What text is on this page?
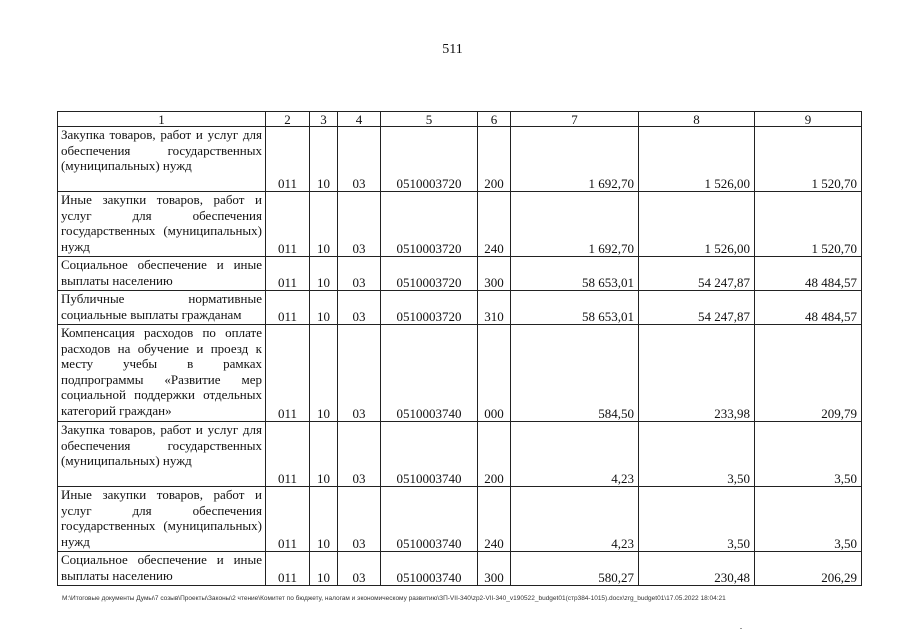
511
1	2	3	4	5	6	7	8	9
Закупка товаров, работ и услуг для обеспечения государственных (муниципальных) нужд	011	10	03	0510003720	200	1 692,70	1 526,00	1 520,70
Иные закупки товаров, работ и услуг для обеспечения государственных (муниципальных) нужд	011	10	03	0510003720	240	1 692,70	1 526,00	1 520,70
Социальное обеспечение и иные выплаты населению	011	10	03	0510003720	300	58 653,01	54 247,87	48 484,57
Публичные нормативные социальные выплаты гражданам	011	10	03	0510003720	310	58 653,01	54 247,87	48 484,57
Компенсация расходов по оплате расходов на обучение и проезд к месту учебы в рамках подпрограммы «Развитие мер социальной поддержки отдельных категорий граждан»	011	10	03	0510003740	000	584,50	233,98	209,79
Закупка товаров, работ и услуг для обеспечения государственных (муниципальных) нужд	011	10	03	0510003740	200	4,23	3,50	3,50
Иные закупки товаров, работ и услуг для обеспечения государственных (муниципальных) нужд	011	10	03	0510003740	240	4,23	3,50	3,50
Социальное обеспечение и иные выплаты населению	011	10	03	0510003740	300	580,27	230,48	206,29
M:\Итоговые документы Думы\7 созыв\Проекты\Законы\2 чтение\Комитет по бюджету, налогам и экономическому развитию\ЗП-VII-340\zp2-VII-340_v190522_budget01(стр384-1015).docx\zrg_budget01\17.05.2022 18:04:21
